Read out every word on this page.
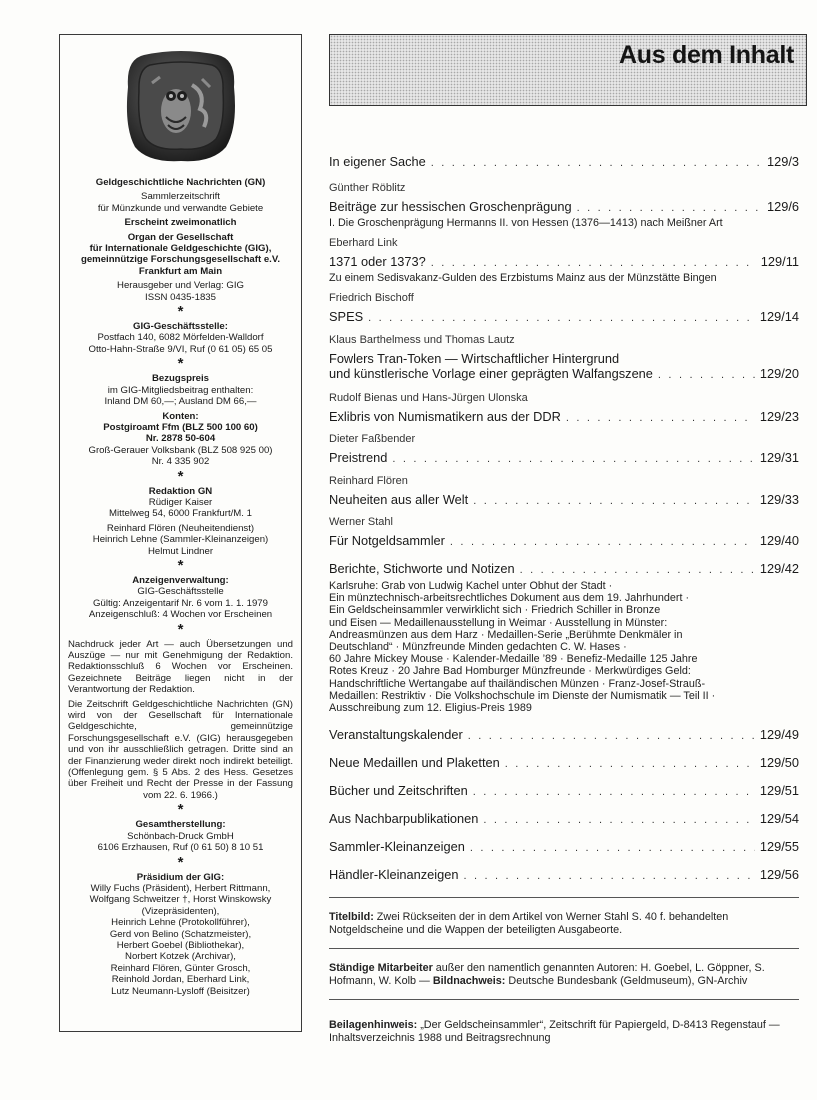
Geldgeschichtliche Nachrichten (GN)
Sammlerzeitschrift
für Münzkunde und verwandte Gebiete
Erscheint zweimonatlich
Organ der Gesellschaft
für Internationale Geldgeschichte (GIG),
gemeinnützige Forschungsgesellschaft e.V.
Frankfurt am Main
Herausgeber und Verlag: GIG
ISSN 0435-1835
*
GIG-Geschäftsstelle:
Postfach 140, 6082 Mörfelden-Walldorf
Otto-Hahn-Straße 9/VI, Ruf (0 61 05) 65 05
*
Bezugspreis
im GIG-Mitgliedsbeitrag enthalten:
Inland DM 60,—; Ausland DM 66,—
Konten:
Postgiroamt Ffm (BLZ 500 100 60)
Nr. 2878 50-604
Groß-Gerauer Volksbank (BLZ 508 925 00)
Nr. 4 335 902
*
Redaktion GN
Rüdiger Kaiser
Mittelweg 54, 6000 Frankfurt/M. 1
Reinhard Flören (Neuheitendienst)
Heinrich Lehne (Sammler-Kleinanzeigen)
Helmut Lindner
*
Anzeigenverwaltung:
GIG-Geschäftsstelle
Gültig: Anzeigentarif Nr. 6 vom 1. 1. 1979
Anzeigenschluß: 4 Wochen vor Erscheinen
*
Nachdruck jeder Art — auch Übersetzungen und Auszüge — nur mit Genehmigung der Redaktion. Redaktionsschluß 6 Wochen vor Erscheinen. Gezeichnete Beiträge liegen nicht in der Verantwortung der Redaktion.
Die Zeitschrift Geldgeschichtliche Nachrichten (GN) wird von der Gesellschaft für Internationale Geldgeschichte, gemeinnützige Forschungsgesellschaft e.V. (GIG) herausgegeben und von ihr ausschließlich getragen. Dritte sind an der Finanzierung weder direkt noch indirekt beteiligt. (Offenlegung gem. § 5 Abs. 2 des Hess. Gesetzes über Freiheit und Recht der Presse in der Fassung vom 22. 6. 1966.)
*
Gesamtherstellung:
Schönbach-Druck GmbH
6106 Erzhausen, Ruf (0 61 50) 8 10 51
*
Präsidium der GIG:
Willy Fuchs (Präsident), Herbert Rittmann,
Wolfgang Schweitzer †, Horst Winskowsky
(Vizepräsidenten),
Heinrich Lehne (Protokollführer),
Gerd von Belino (Schatzmeister),
Herbert Goebel (Bibliothekar),
Norbert Kotzek (Archivar),
Reinhard Flören, Günter Grosch,
Reinhold Jordan, Eberhard Link,
Lutz Neumann-Lysloff (Beisitzer)
Aus dem Inhalt
In eigener Sache . . .	129/3
Günther Röblitz
Beiträge zur hessischen Groschenprägung . . .	129/6
I. Die Groschenprägung Hermanns II. von Hessen (1376—1413) nach Meißner Art
Eberhard Link
1371 oder 1373? . . .	129/11
Zu einem Sedisvakanz-Gulden des Erzbistums Mainz aus der Münzstätte Bingen
Friedrich Bischoff
SPES . . .	129/14
Klaus Barthelmess und Thomas Lautz
Fowlers Tran-Token — Wirtschaftlicher Hintergrund
und künstlerische Vorlage einer geprägten Walfangszene . . .	129/20
Rudolf Bienas und Hans-Jürgen Ulonska
Exlibris von Numismatikern aus der DDR . . .	129/23
Dieter Faßbender
Preistrend . . .	129/31
Reinhard Flören
Neuheiten aus aller Welt . . .	129/33
Werner Stahl
Für Notgeldsammler . . .	129/40
Berichte, Stichworte und Notizen . . .	129/42
Karlsruhe: Grab von Ludwig Kachel unter Obhut der Stadt ·
Ein münztechnisch-arbeitsrechtliches Dokument aus dem 19. Jahrhundert ·
Ein Geldscheinsammler verwirklicht sich · Friedrich Schiller in Bronze
und Eisen — Medaillenausstellung in Weimar · Ausstellung in Münster:
Andreasmünzen aus dem Harz · Medaillen-Serie „Berühmte Denkmäler in
Deutschland“ · Münzfreunde Minden gedachten C. W. Hases ·
60 Jahre Mickey Mouse · Kalender-Medaille ’89 · Benefiz-Medaille 125 Jahre
Rotes Kreuz · 20 Jahre Bad Homburger Münzfreunde · Merkwürdiges Geld:
Handschriftliche Wertangabe auf thailändischen Münzen · Franz-Josef-Strauß-
Medaillen: Restriktiv · Die Volkshochschule im Dienste der Numismatik — Teil II ·
Ausschreibung zum 12. Eligius-Preis 1989
Veranstaltungskalender . . .	129/49
Neue Medaillen und Plaketten . . .	129/50
Bücher und Zeitschriften . . .	129/51
Aus Nachbarpublikationen . . .	129/54
Sammler-Kleinanzeigen . . .	129/55
Händler-Kleinanzeigen . . .	129/56
Titelbild: Zwei Rückseiten der in dem Artikel von Werner Stahl S. 40 f. behandelten Notgeldscheine und die Wappen der beteiligten Ausgabeorte.
Ständige Mitarbeiter außer den namentlich genannten Autoren: H. Goebel, L. Göppner, S. Hofmann, W. Kolb — Bildnachweis: Deutsche Bundesbank (Geldmuseum), GN-Archiv
Beilagenhinweis: „Der Geldscheinsammler“, Zeitschrift für Papiergeld, D-8413 Regenstauf — Inhaltsverzeichnis 1988 und Beitragsrechnung
